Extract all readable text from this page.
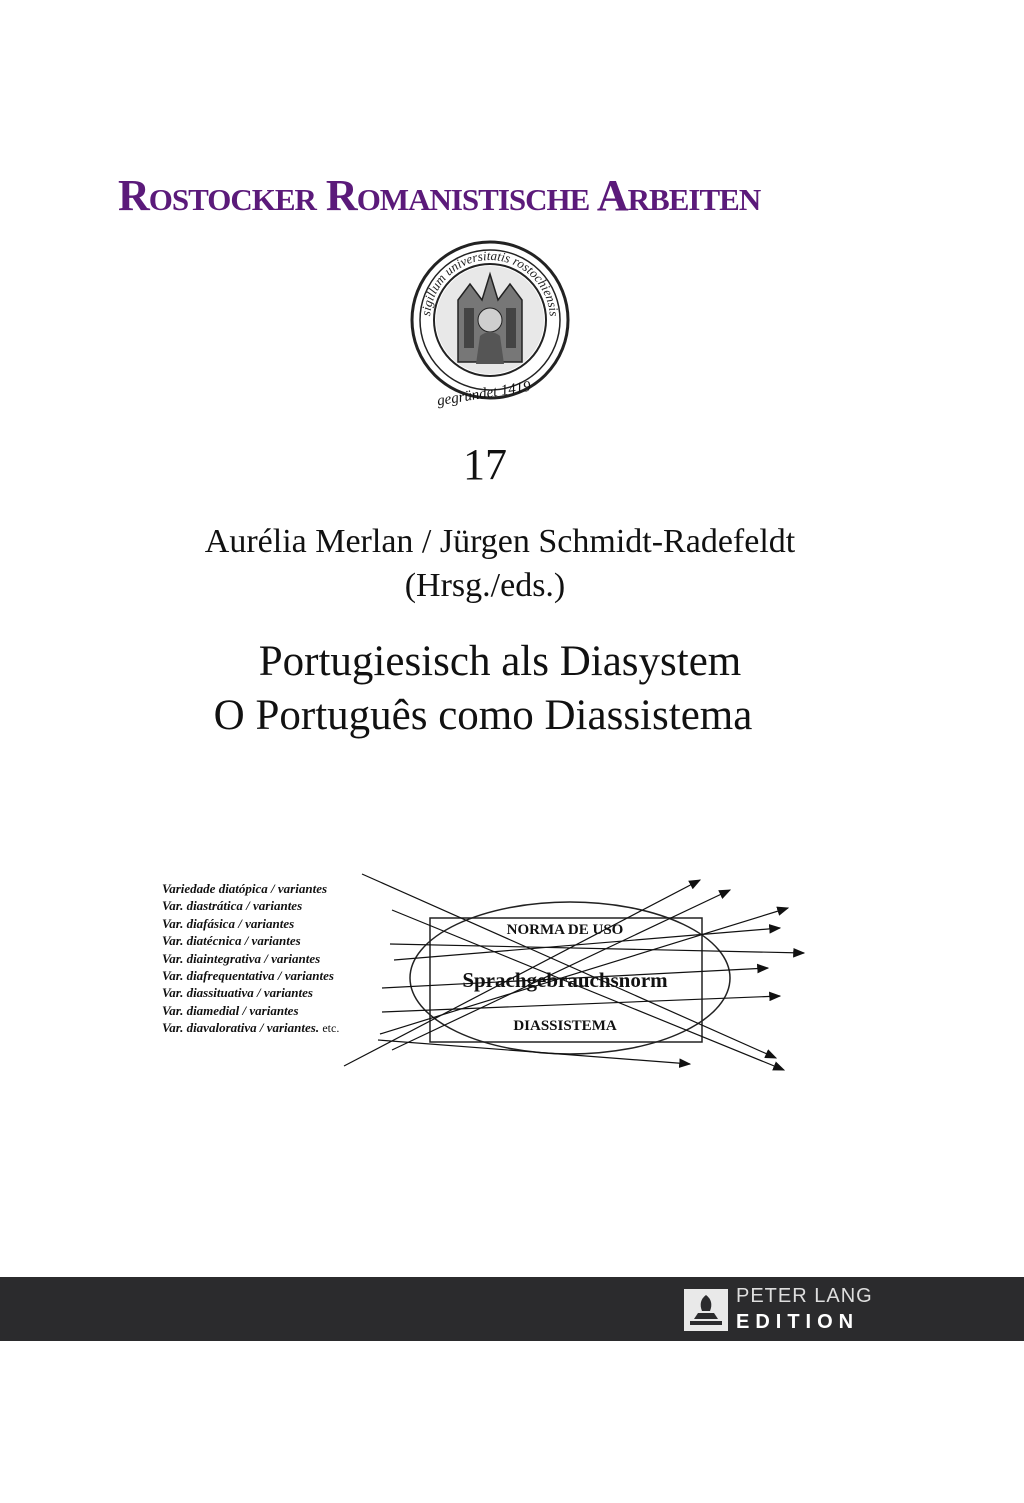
Rostocker Romanistische Arbeiten
sigillum universitatis rostochiensis
gegründet 1419
17
Aurélia Merlan / Jürgen Schmidt-Radefeldt
(Hrsg./eds.)
Portugiesisch als Diasystem
O Português como Diassistema
Variedade diatópica / variantes
Var. diastrática / variantes
Var. diafásica / variantes
Var. diatécnica / variantes
Var. diaintegrativa / variantes
Var. diafrequentativa / variantes
Var. diassituativa / variantes
Var. diamedial / variantes
Var. diavalorativa / variantes. etc.
NORMA DE USO
Sprachgebrauchsnorm
DIASSISTEMA
PETER LANG
EDITION
